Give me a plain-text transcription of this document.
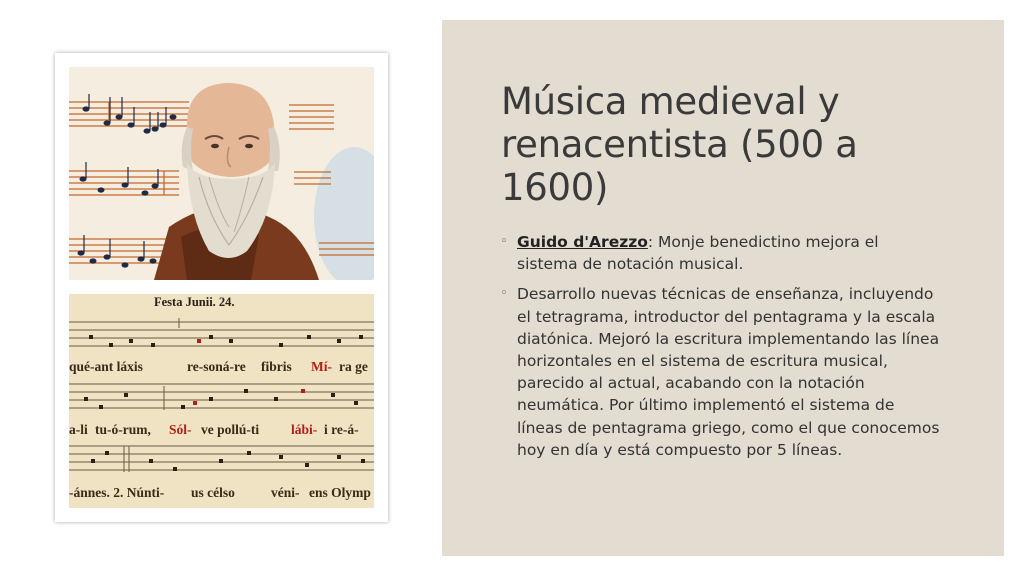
Música medieval y renacentista (500 a 1600)
◦ Guido d'Arezzo: Monje benedictino mejora el sistema de notación musical.
◦ Desarrollo nuevas técnicas de enseñanza, incluyendo el tetragrama, introductor del pentagrama y la escala diatónica. Mejoró la escritura implementando las línea horizontales en el sistema de escritura musical, parecido al actual, acabando con la notación neumática. Por último implementó el sistema de líneas de pentagrama griego, como el que conocemos hoy en día y está compuesto por 5 líneas.
Festa Junii. 24.
qué-ant láxis	re-soná-re fibris Mí- ra ge
a-li tu-ó-rum, Sól- ve pollú-ti lábi- i re-á-
-ánnes. 2. Núnti- us célso	véni- ens Olymp
